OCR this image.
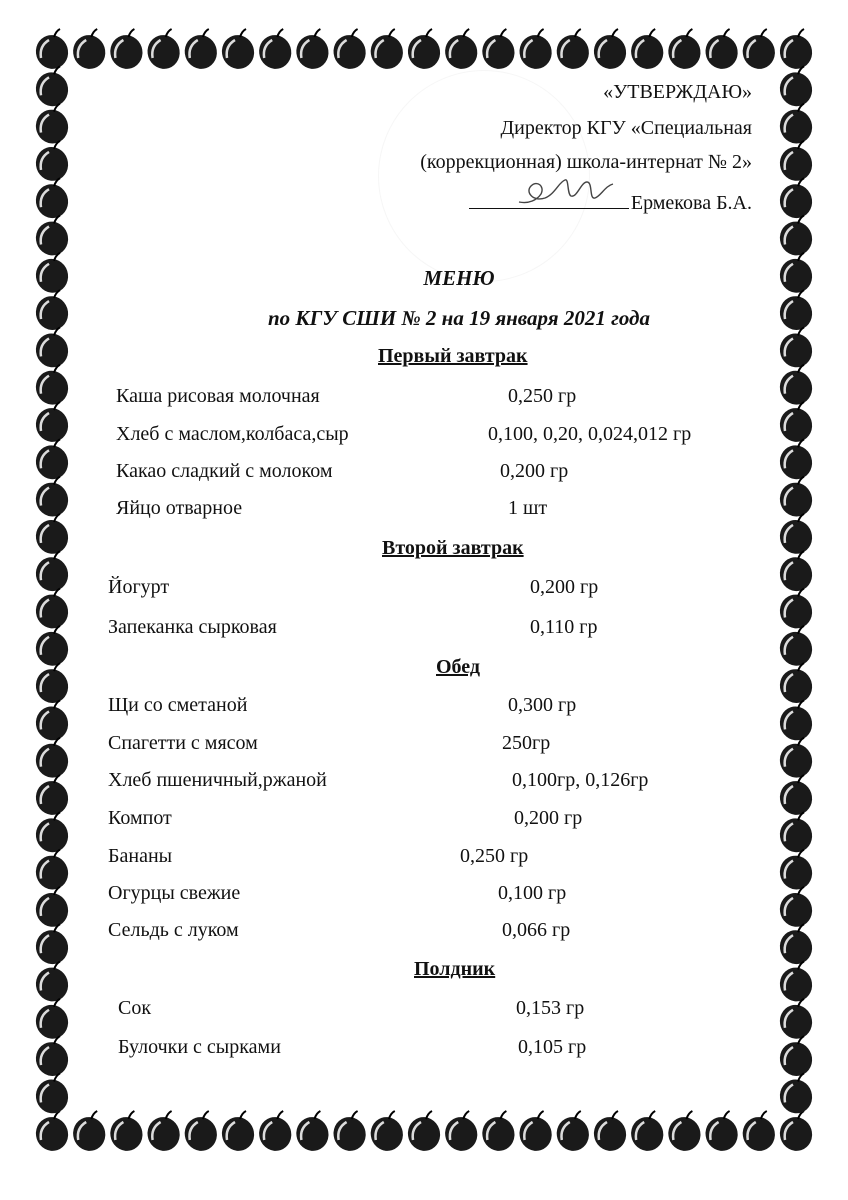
«УТВЕРЖДАЮ»
Директор КГУ «Специальная
(коррекционная) школа-интернат № 2»
Ермекова Б.А.
МЕНЮ
по КГУ СШИ № 2 на 19 января 2021 года
Первый завтрак
Каша рисовая молочная	0,250 гр
Хлеб с маслом,колбаса,сыр	0,100, 0,20, 0,024,012 гр
Какао сладкий с молоком	0,200 гр
Яйцо отварное	1 шт
Второй завтрак
Йогурт	0,200 гр
Запеканка сырковая	0,110 гр
Обед
Щи со сметаной	0,300 гр
Спагетти с мясом	250гр
Хлеб пшеничный,ржаной	0,100гр, 0,126гр
Компот	0,200 гр
Бананы	0,250 гр
Огурцы свежие	0,100 гр
Сельдь с луком	0,066 гр
Полдник
Сок	0,153 гр
Булочки с сырками	0,105 гр
